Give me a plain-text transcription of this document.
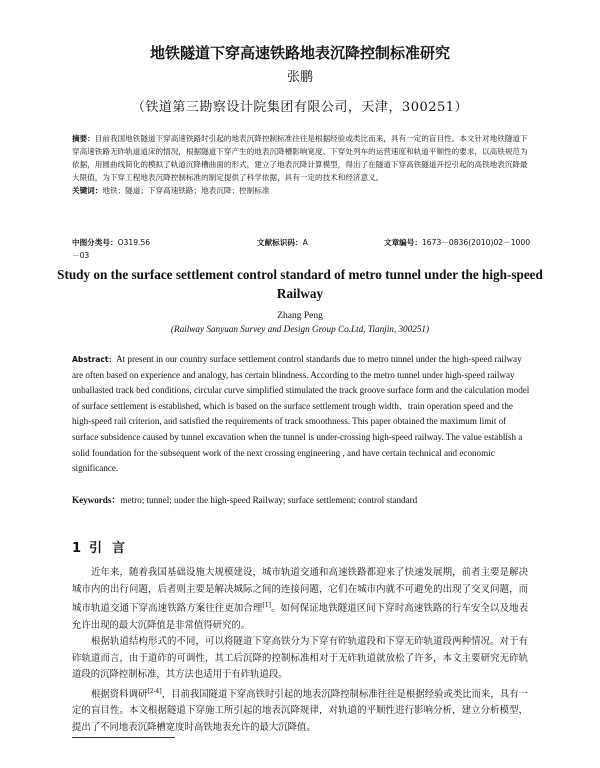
地铁隧道下穿高速铁路地表沉降控制标准研究
张鹏
（铁道第三勘察设计院集团有限公司，天津，300251）

摘要：目前我国地铁隧道下穿高速铁路时引起的地表沉降控制标准往往是根据经验或类比而来，具有一定的盲目性。本文针对地铁隧道下穿高速铁路无砟轨道道床的情况，根据隧道下穿产生的地表沉降槽影响宽度、下穿处列车的运营速度和轨道平顺性的要求，以高铁规范为依据，用圆曲线简化的模拟了轨道沉降槽曲面的形式，建立了地表沉降计算模型，得出了在隧道下穿高铁隧道开挖引起的高铁地表沉降最大限值，为下穿工程地表沉降控制标准的制定提供了科学依据，具有一定的技术和经济意义。

关键词：地铁；隧道；下穿高速铁路；地表沉降；控制标准

中图分类号：O319.56	文献标识码：A	文章编号：1673－0836(2010)02－1000
－03
Study on the surface settlement control standard of metro tunnel under the high-speed Railway
Zhang Peng
(Railway Sanyuan Survey and Design Group Co.Ltd, Tianjin, 300251)

Abstract：At present in our country surface settlement control standards due to metro tunnel under the high-speed railway are often based on experience and analogy, has certain blindness. According to the metro tunnel under high-speed railway unballasted track bed conditions, circular curve simplified stimulated the track groove surface form and the calculation model of surface settlement is established, which is based on the surface settlement trough width、train operation speed and the high-speed rail criterion, and satisfied the requirements of track smoothness. This paper obtained the maximum limit of surface subsidence caused by tunnel excavation when the tunnel is under-crossing high-speed railway. The value establish a solid foundation for the subsequent work of the next crossing engineering , and have certain technical and economic significance.

Keywords：metro; tunnel; under the high-speed Railway; surface settlement; control standard
1 引言

近年来，随着我国基础设施大规模建设，城市轨道交通和高速铁路都迎来了快速发展期，前者主要是解决城市内的出行问题，后者则主要是解决城际之间的连接问题，它们在城市内就不可避免的出现了交叉问题，而城市轨道交通下穿高速铁路方案往往更加合理[1]。如何保证地铁隧道区间下穿时高速铁路的行车安全以及地表允许出现的最大沉降值是非常值得研究的。

根据轨道结构形式的不同，可以将隧道下穿高铁分为下穿有砟轨道段和下穿无砟轨道段两种情况。对于有砟轨道而言，由于道砟的可调性，其工后沉降的控制标准相对于无砟轨道就放松了许多，本文主要研究无砟轨道段的沉降控制标准，其方法也适用于有砟轨道段。

根据资料调研[2-4]，目前我国隧道下穿高铁时引起的地表沉降控制标准往往是根据经验或类比而来，具有一定的盲目性。本文根据隧道下穿施工所引起的地表沉降规律，对轨道的平顺性进行影响分析，建立分析模型，提出了不同地表沉降槽宽度时高铁地表允许的最大沉降值。
